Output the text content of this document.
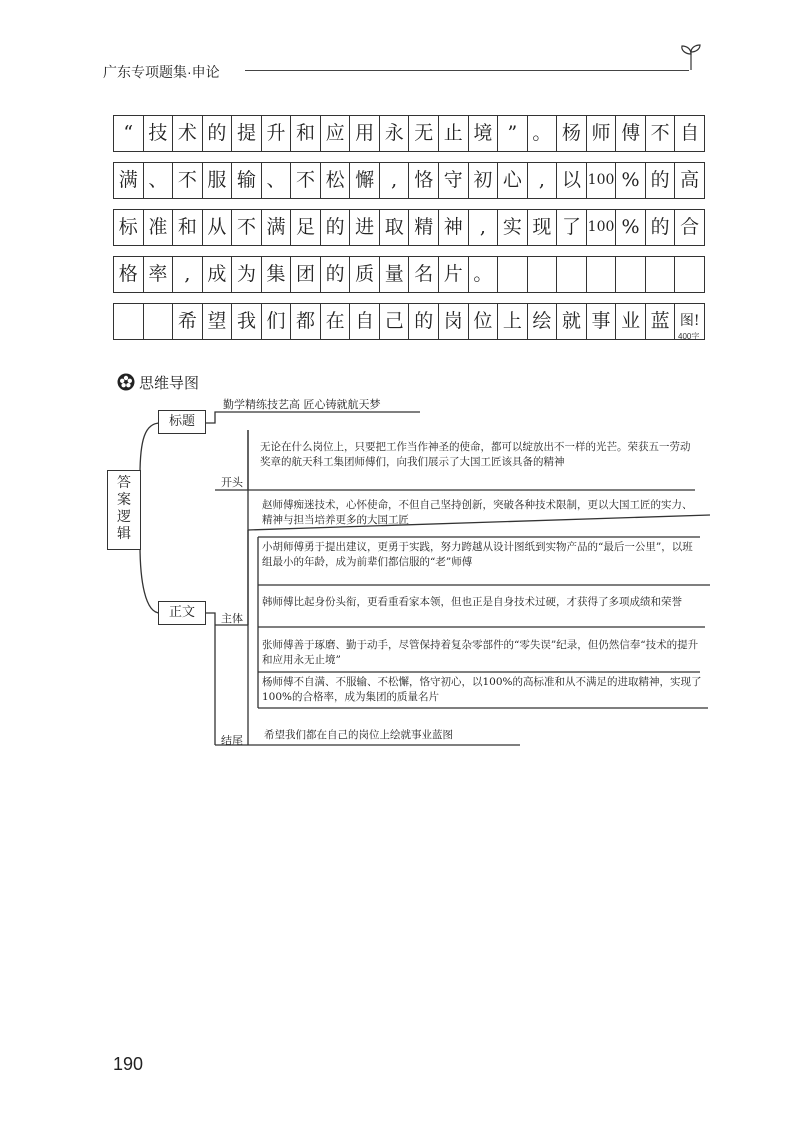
广东专项题集·申论
“ 技 术 的 提 升 和 应 用 永 无 止 境 ” 。 杨 师 傅 不 自
满 、 不 服 输 、 不 松 懈 , 恪 守 初 心 , 以 100 % 的 高
标 准 和 从 不 满 足 的 进 取 精 神 , 实 现 了 100 % 的 合
格 率 , 成 为 集 团 的 质 量 名 片 。
希 望 我 们 都 在 自 己 的 岗 位 上 绘 就 事 业 蓝 图!
400字
思维导图
答案逻辑
标题
勤学精练技艺高 匠心铸就航天梦
正文
开头
无论在什么岗位上，只要把工作当作神圣的使命，都可以绽放出不一样的光芒。荣获五一劳动奖章的航天科工集团师傅们，向我们展示了大国工匠该具备的精神
主体
赵师傅痴迷技术，心怀使命，不但自己坚持创新，突破各种技术限制，更以大国工匠的实力、精神与担当培养更多的大国工匠
小胡师傅勇于提出建议，更勇于实践，努力跨越从设计图纸到实物产品的“最后一公里”，以班组最小的年龄，成为前辈们都信服的“老”师傅
韩师傅比起身份头衔，更看重看家本领，但也正是自身技术过硬，才获得了多项成绩和荣誉
张师傅善于琢磨、勤于动手，尽管保持着复杂零部件的“零失误”纪录，但仍然信奉“技术的提升和应用永无止境”
杨师傅不自满、不服输、不松懈，恪守初心，以100%的高标准和从不满足的进取精神，实现了100%的合格率，成为集团的质量名片
结尾 希望我们都在自己的岗位上绘就事业蓝图
190
